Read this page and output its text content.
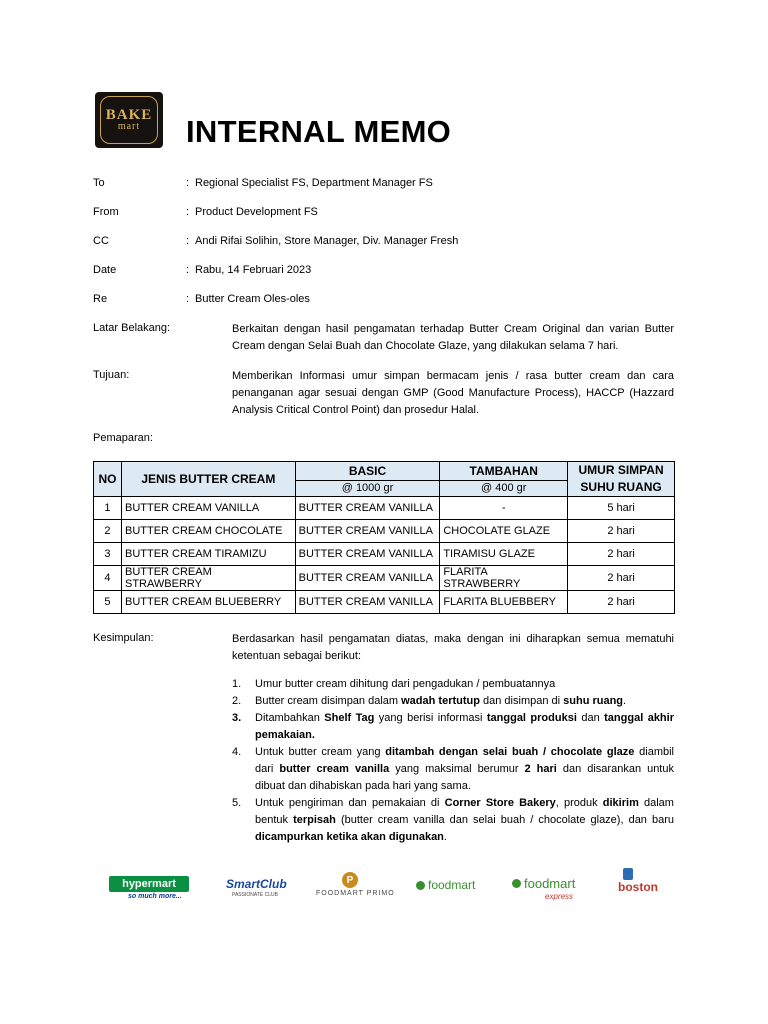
BAKE
mart INTERNAL MEMO
To	: Regional Specialist FS, Department Manager FS
From	: Product Development FS
CC	: Andi Rifai Solihin, Store Manager, Div. Manager Fresh
Date	: Rabu, 14 Februari 2023
Re	: Butter Cream Oles-oles
Latar Belakang:	Berkaitan dengan hasil pengamatan terhadap Butter Cream Original dan varian Butter Cream dengan Selai Buah dan Chocolate Glaze, yang dilakukan selama 7 hari.
Tujuan:	Memberikan Informasi umur simpan bermacam jenis / rasa butter cream dan cara penanganan agar sesuai dengan GMP (Good Manufacture Process), HACCP (Hazzard Analysis Critical Control Point) dan prosedur Halal.
Pemaparan:
NO	JENIS BUTTER CREAM	BASIC	TAMBAHAN	UMUR SIMPAN
SUHU RUANG
		@ 1000 gr	@ 400 gr	
1	BUTTER CREAM VANILLA	BUTTER CREAM VANILLA	-	5 hari
2	BUTTER CREAM CHOCOLATE	BUTTER CREAM VANILLA	CHOCOLATE GLAZE	2 hari
3	BUTTER CREAM TIRAMIZU	BUTTER CREAM VANILLA	TIRAMISU GLAZE	2 hari
4	BUTTER CREAM STRAWBERRY	BUTTER CREAM VANILLA	FLARITA STRAWBERRY	2 hari
5	BUTTER CREAM BLUEBERRY	BUTTER CREAM VANILLA	FLARITA BLUEBBERY	2 hari
Kesimpulan:	Berdasarkan hasil pengamatan diatas, maka dengan ini diharapkan semua mematuhi ketentuan sebagai berikut:
1. Umur butter cream dihitung dari pengadukan / pembuatannya
2. Butter cream disimpan dalam wadah tertutup dan disimpan di suhu ruang.
3. Ditambahkan Shelf Tag yang berisi informasi tanggal produksi dan tanggal akhir pemakaian.
4. Untuk butter cream yang ditambah dengan selai buah / chocolate glaze diambil dari butter cream vanilla yang maksimal berumur 2 hari dan disarankan untuk dibuat dan dihabiskan pada hari yang sama.
5. Untuk pengiriman dan pemakaian di Corner Store Bakery, produk dikirim dalam bentuk terpisah (butter cream vanilla dan selai buah / chocolate glaze), dan baru dicampurkan ketika akan digunakan.
hypermart
so much more...
SmartClub
PASSIONATE CLUB
P
FOODMART PRIMO
foodmart	foodmart
express
boston
